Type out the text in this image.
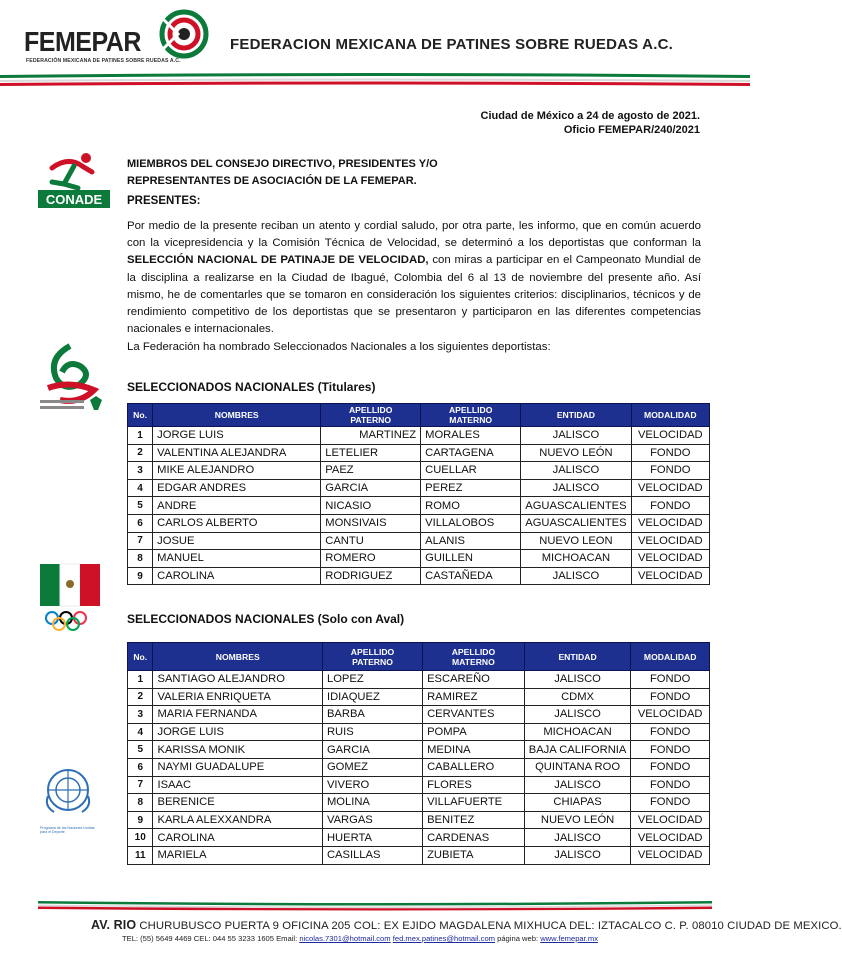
FEMEPAR
FEDERACIÓN MEXICANA DE PATINES SOBRE RUEDAS A.C.
FEDERACION MEXICANA DE PATINES SOBRE RUEDAS A.C.
Ciudad de México a 24 de agosto de 2021.
Oficio FEMEPAR/240/2021
CONADE
Programa de las Naciones Unidas para el Deporte
MIEMBROS DEL CONSEJO DIRECTIVO, PRESIDENTES Y/O
REPRESENTANTES DE ASOCIACIÓN DE LA FEMEPAR.
PRESENTES:
Por medio de la presente reciban un atento y cordial saludo, por otra parte, les informo, que en común acuerdo con la vicepresidencia y la Comisión Técnica de Velocidad, se determinó a los deportistas que conforman la SELECCIÓN NACIONAL DE PATINAJE DE VELOCIDAD, con miras a participar en el Campeonato Mundial de la disciplina a realizarse en la Ciudad de Ibagué, Colombia del 6 al 13 de noviembre del presente año. Así mismo, he de comentarles que se tomaron en consideración los siguientes criterios: disciplinarios, técnicos y de rendimiento competitivo de los deportistas que se presentaron y participaron en las diferentes competencias nacionales e internacionales.
La Federación ha nombrado Seleccionados Nacionales a los siguientes deportistas:
SELECCIONADOS NACIONALES (Titulares)
No.	NOMBRES	APELLIDO
PATERNO	APELLIDO
MATERNO	ENTIDAD	MODALIDAD
1	JORGE LUIS	MARTINEZ	MORALES	JALISCO	VELOCIDAD
2	VALENTINA ALEJANDRA	LETELIER	CARTAGENA	NUEVO LEÓN	FONDO
3	MIKE ALEJANDRO	PAEZ	CUELLAR	JALISCO	FONDO
4	EDGAR ANDRES	GARCIA	PEREZ	JALISCO	VELOCIDAD
5	ANDRE	NICASIO	ROMO	AGUASCALIENTES	FONDO
6	CARLOS ALBERTO	MONSIVAIS	VILLALOBOS	AGUASCALIENTES	VELOCIDAD
7	JOSUE	CANTU	ALANIS	NUEVO LEON	VELOCIDAD
8	MANUEL	ROMERO	GUILLEN	MICHOACAN	VELOCIDAD
9	CAROLINA	RODRIGUEZ	CASTAÑEDA	JALISCO	VELOCIDAD
SELECCIONADOS NACIONALES (Solo con Aval)
No.	NOMBRES	APELLIDO
PATERNO	APELLIDO
MATERNO	ENTIDAD	MODALIDAD
1	SANTIAGO ALEJANDRO	LOPEZ	ESCAREÑO	JALISCO	FONDO
2	VALERIA ENRIQUETA	IDIAQUEZ	RAMIREZ	CDMX	FONDO
3	MARIA FERNANDA	BARBA	CERVANTES	JALISCO	VELOCIDAD
4	JORGE LUIS	RUIS	POMPA	MICHOACAN	FONDO
5	KARISSA MONIK	GARCIA	MEDINA	BAJA CALIFORNIA	FONDO
6	NAYMI GUADALUPE	GOMEZ	CABALLERO	QUINTANA ROO	FONDO
7	ISAAC	VIVERO	FLORES	JALISCO	FONDO
8	BERENICE	MOLINA	VILLAFUERTE	CHIAPAS	FONDO
9	KARLA ALEXXANDRA	VARGAS	BENITEZ	NUEVO LEÓN	VELOCIDAD
10	CAROLINA	HUERTA	CARDENAS	JALISCO	VELOCIDAD
11	MARIELA	CASILLAS	ZUBIETA	JALISCO	VELOCIDAD
AV. RIO CHURUBUSCO PUERTA 9 OFICINA 205 COL: EX EJIDO MAGDALENA MIXHUCA DEL: IZTACALCO C. P. 08010 CIUDAD DE MEXICO.
TEL: (55) 5649 4469 CEL: 044 55 3233 1605 Email: nicolas.7301@hotmail.com fed.mex.patines@hotmail.com página web: www.femepar.mx
